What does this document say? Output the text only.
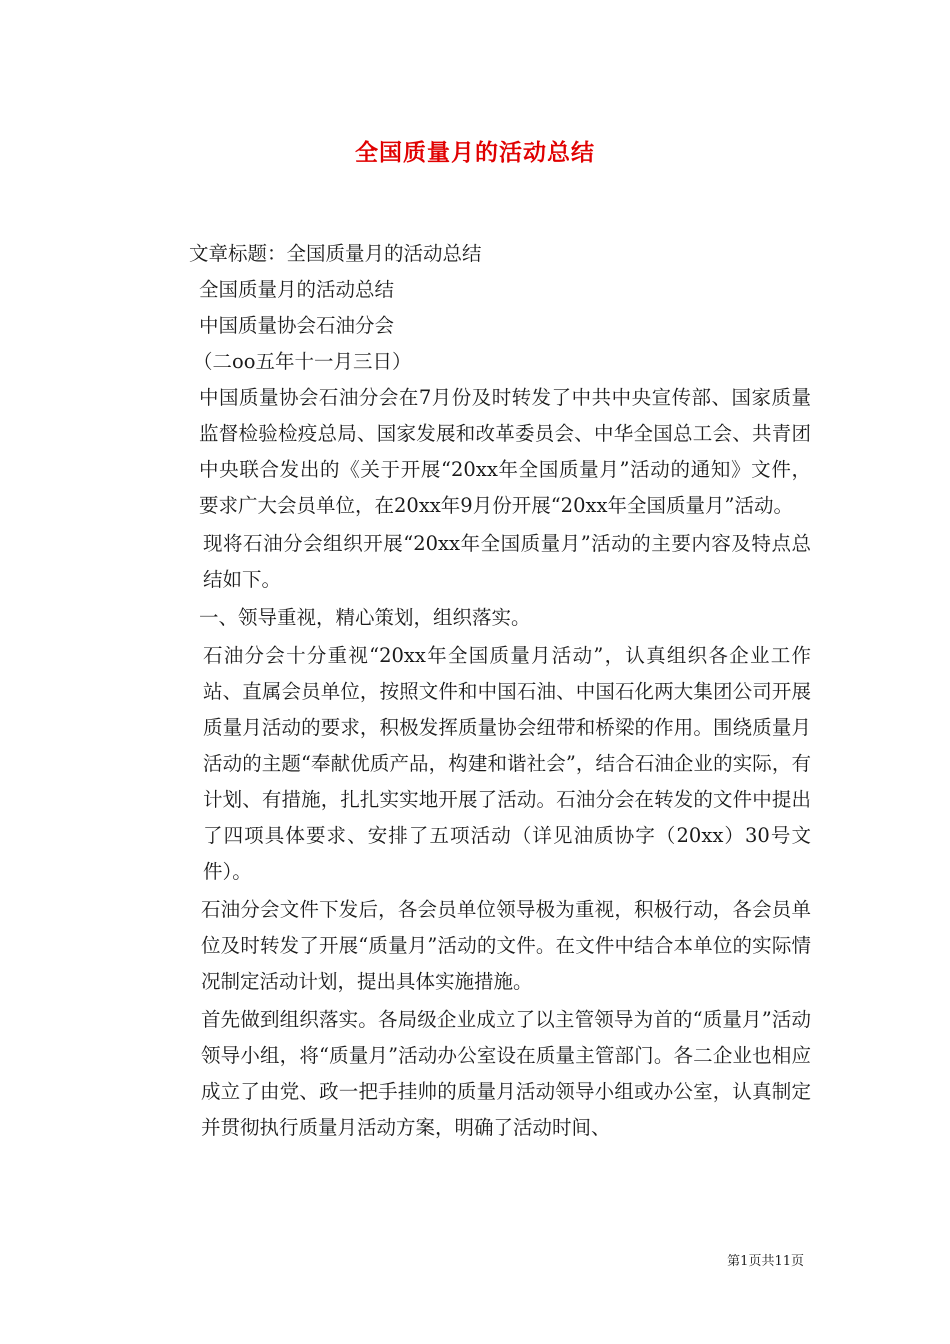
全国质量月的活动总结

文章标题：全国质量月的活动总结

全国质量月的活动总结

中国质量协会石油分会

（二oo五年十一月三日）

中国质量协会石油分会在7月份及时转发了中共中央宣传部、国家质量监督检验检疫总局、国家发展和改革委员会、中华全国总工会、共青团中央联合发出的《关于开展“20xx年全国质量月”活动的通知》文件，要求广大会员单位，在20xx年9月份开展“20xx年全国质量月”活动。

现将石油分会组织开展“20xx年全国质量月”活动的主要内容及特点总结如下。

一、领导重视，精心策划，组织落实。

石油分会十分重视“20xx年全国质量月活动”，认真组织各企业工作站、直属会员单位，按照文件和中国石油、中国石化两大集团公司开展质量月活动的要求，积极发挥质量协会纽带和桥梁的作用。围绕质量月活动的主题“奉献优质产品，构建和谐社会”，结合石油企业的实际，有计划、有措施，扎扎实实地开展了活动。石油分会在转发的文件中提出了四项具体要求、安排了五项活动（详见油质协字（20xx）30号文件）。

石油分会文件下发后，各会员单位领导极为重视，积极行动，各会员单位及时转发了开展“质量月”活动的文件。在文件中结合本单位的实际情况制定活动计划，提出具体实施措施。

首先做到组织落实。各局级企业成立了以主管领导为首的“质量月”活动领导小组，将“质量月”活动办公室设在质量主管部门。各二企业也相应成立了由党、政一把手挂帅的质量月活动领导小组或办公室，认真制定并贯彻执行质量月活动方案，明确了活动时间、

第1页共11页
